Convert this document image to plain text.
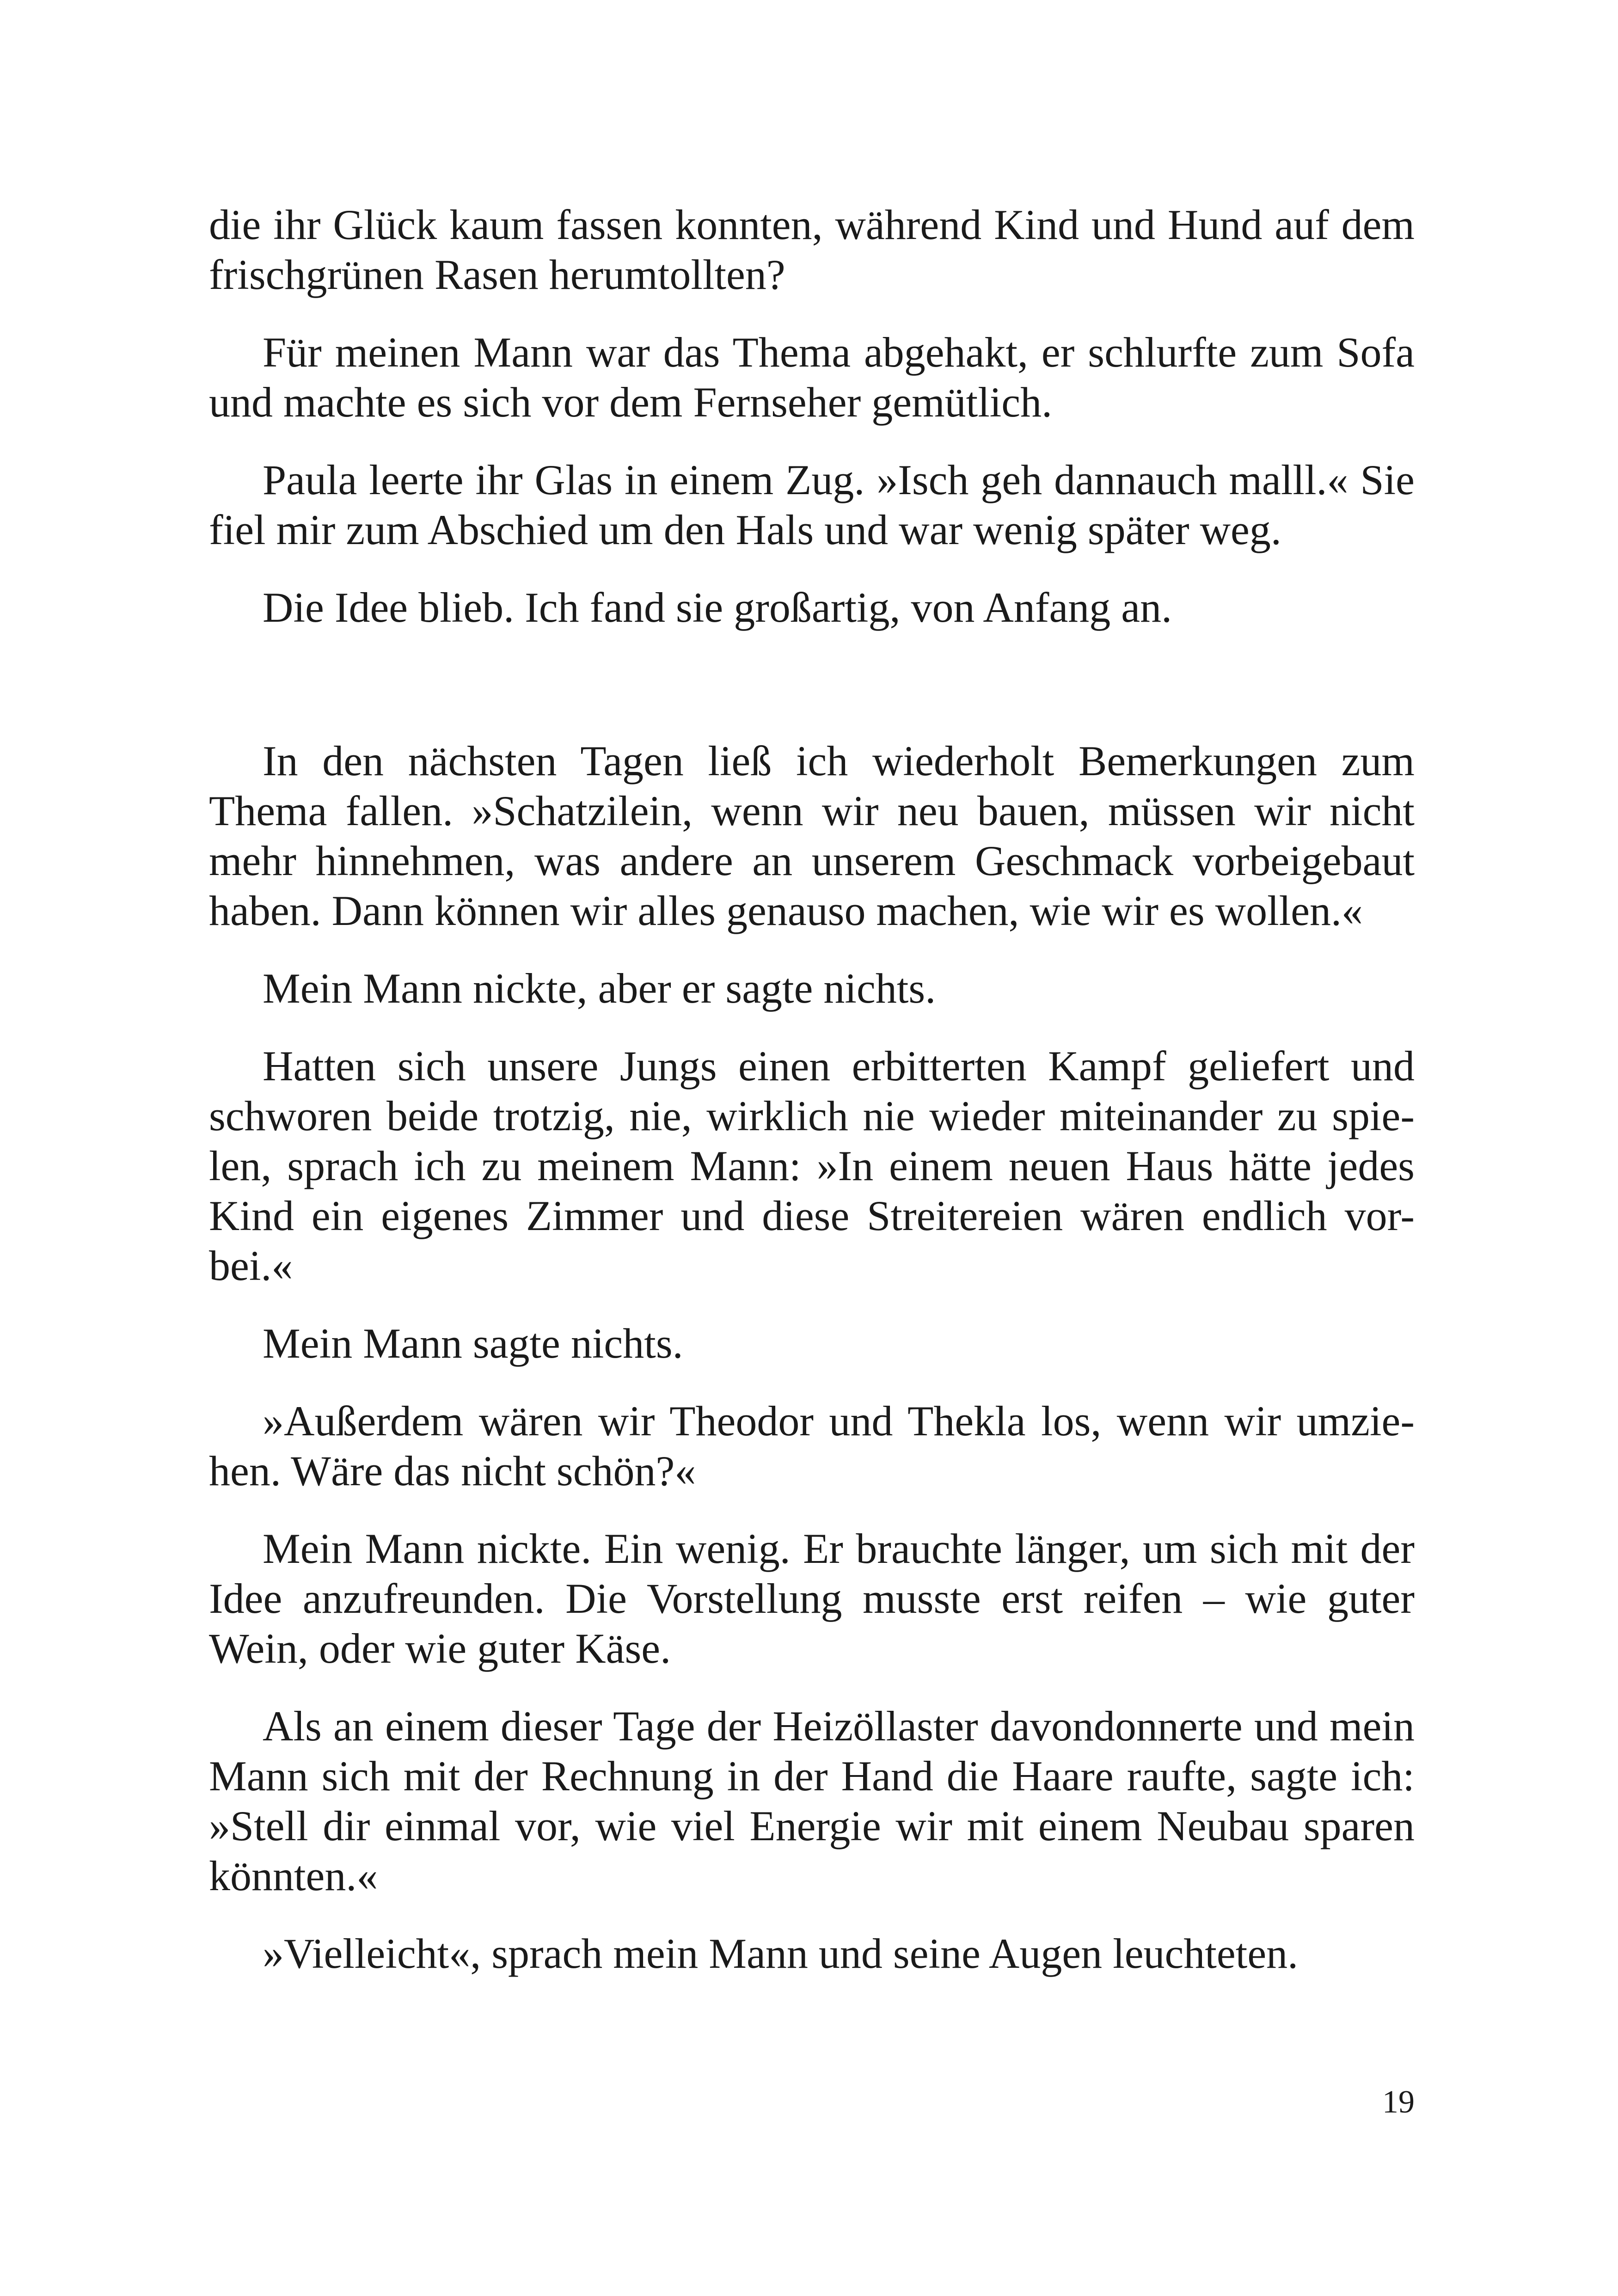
die ihr Glück kaum fassen konnten, während Kind und Hund auf dem frischgrünen Rasen herumtollten?

Für meinen Mann war das Thema abgehakt, er schlurfte zum Sofa und machte es sich vor dem Fernseher gemütlich.

Paula leerte ihr Glas in einem Zug. »Isch geh dannauch malll.« Sie fiel mir zum Abschied um den Hals und war wenig später weg.

Die Idee blieb. Ich fand sie großartig, von Anfang an.

In den nächsten Tagen ließ ich wiederholt Bemerkungen zum Thema fallen. »Schatzilein, wenn wir neu bauen, müssen wir nicht mehr hinnehmen, was andere an unserem Geschmack vorbeigebaut haben. Dann können wir alles genauso machen, wie wir es wollen.«

Mein Mann nickte, aber er sagte nichts.

Hatten sich unsere Jungs einen erbitterten Kampf geliefert und schworen beide trotzig, nie, wirklich nie wieder miteinander zu spie-len, sprach ich zu meinem Mann: »In einem neuen Haus hätte jedes Kind ein eigenes Zimmer und diese Streitereien wären endlich vor-bei.«

Mein Mann sagte nichts.

»Außerdem wären wir Theodor und Thekla los, wenn wir umzie-hen. Wäre das nicht schön?«

Mein Mann nickte. Ein wenig. Er brauchte länger, um sich mit der Idee anzufreunden. Die Vorstellung musste erst reifen – wie guter Wein, oder wie guter Käse.

Als an einem dieser Tage der Heizöllaster davondonnerte und mein Mann sich mit der Rechnung in der Hand die Haare raufte, sagte ich: »Stell dir einmal vor, wie viel Energie wir mit einem Neubau sparen könnten.«

»Vielleicht«, sprach mein Mann und seine Augen leuchteten.

19
